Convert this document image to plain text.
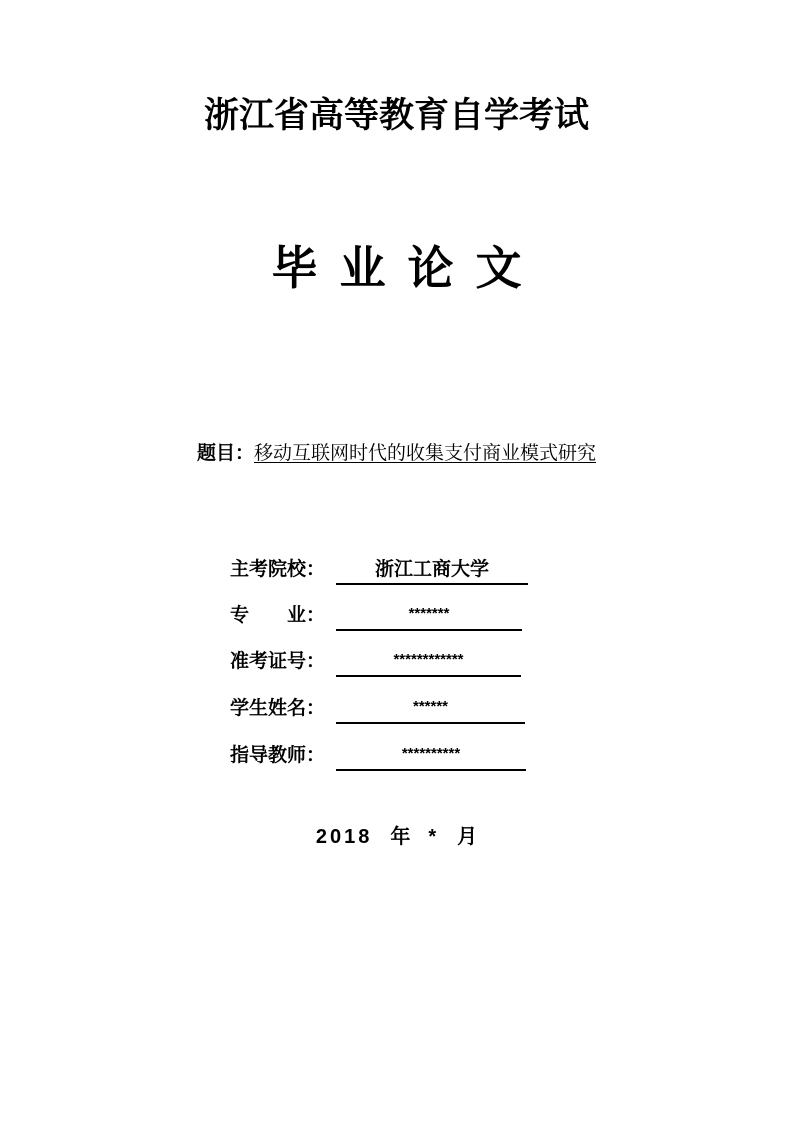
浙江省高等教育自学考试
毕业论文
题目：移动互联网时代的收集支付商业模式研究
主考院校：	浙江工商大学
专 业：	*******
准考证号：	************
学生姓名：	******
指导教师：	**********
2018 年 * 月
